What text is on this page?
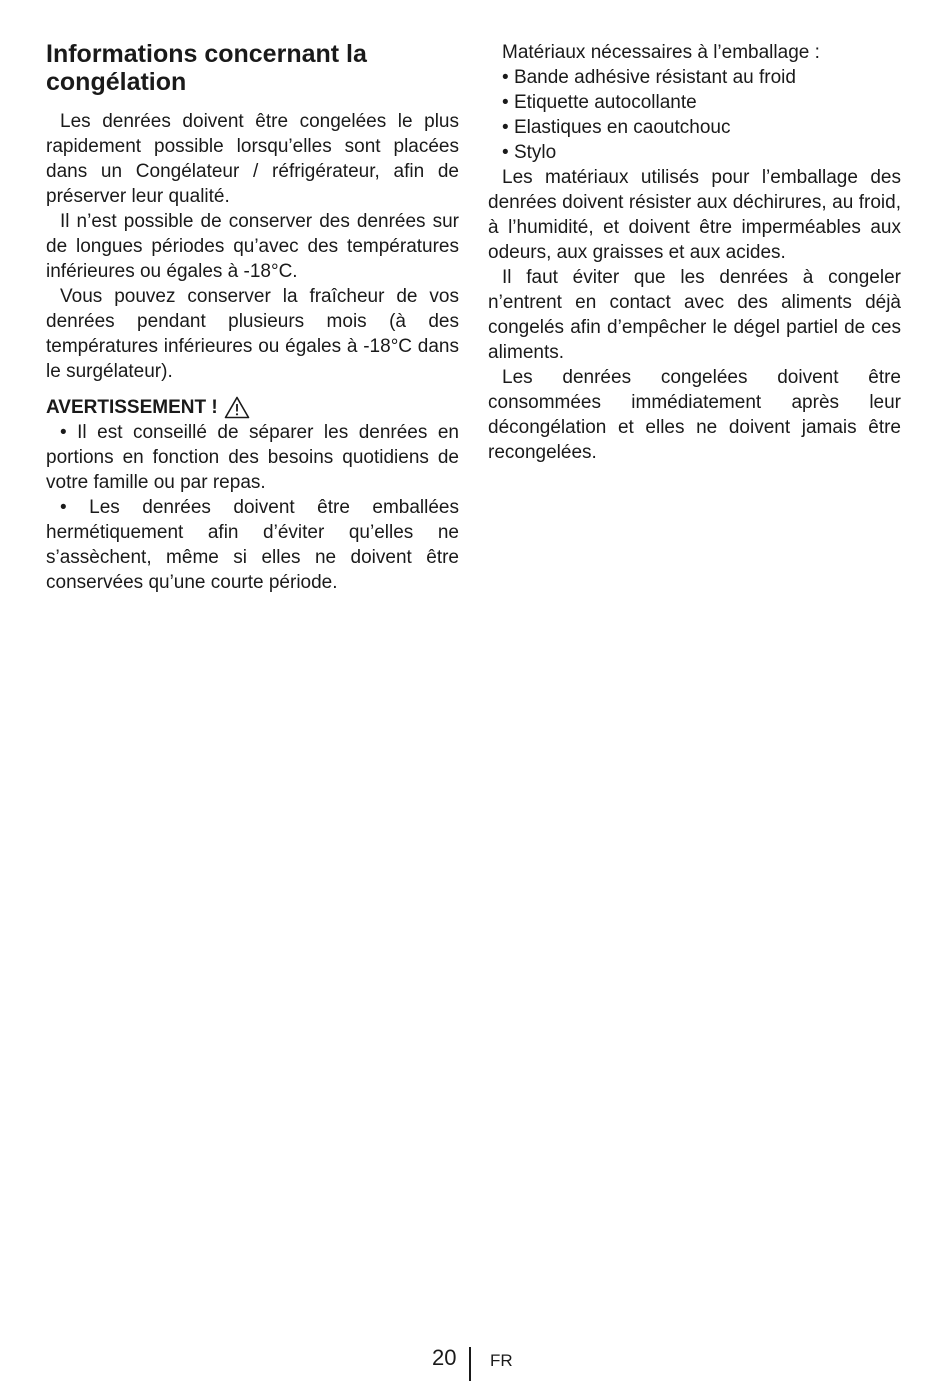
Informations concernant la congélation

Les denrées doivent être congelées le plus rapidement possible lorsqu’elles sont placées dans un Congélateur / réfrigérateur, afin de préserver leur qualité.

Il n’est possible de conserver des denrées sur de longues périodes qu’avec des températures inférieures ou égales à -18°C.

Vous pouvez conserver la fraîcheur de vos denrées pendant plusieurs mois (à des températures inférieures ou égales à -18°C dans le surgélateur).

AVERTISSEMENT !

• Il est conseillé de séparer les denrées en portions en fonction des besoins quotidiens de votre famille ou par repas.

• Les denrées doivent être emballées hermétiquement afin d’éviter qu’elles ne s’assèchent, même si elles ne doivent être conservées qu’une courte période.

Matériaux nécessaires à l’emballage :

• Bande adhésive résistant au froid
• Etiquette autocollante
• Elastiques en caoutchouc
• Stylo

Les matériaux utilisés pour l’emballage des denrées doivent résister aux déchirures, au froid, à l’humidité, et doivent être imperméables aux odeurs, aux graisses et aux acides.

Il faut éviter que les denrées à congeler n’entrent en contact avec des aliments déjà congelés afin d’empêcher le dégel partiel de ces aliments.

Les denrées congelées doivent être consommées immédiatement après leur décongélation et elles ne doivent jamais être recongelées.

20 FR
